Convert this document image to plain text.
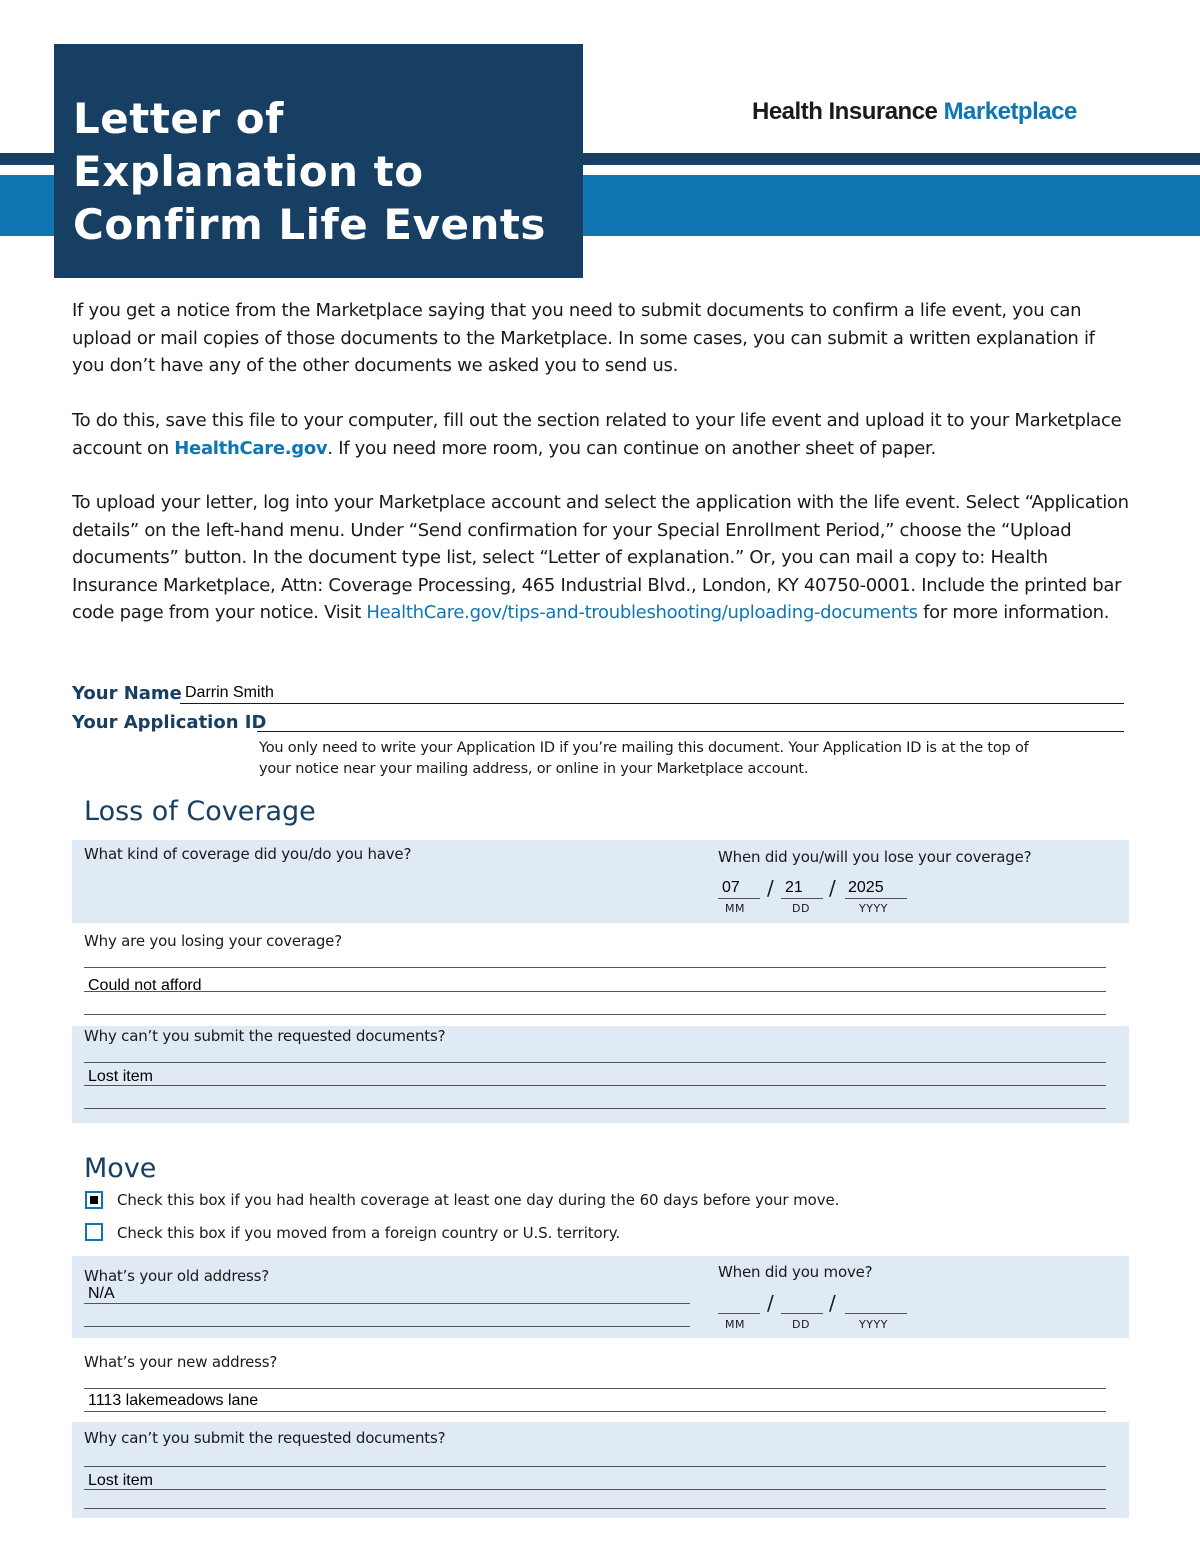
Letter of
Explanation to
Confirm Life Events
Health Insurance Marketplace

If you get a notice from the Marketplace saying that you need to submit documents to confirm a life event, you can upload or mail copies of those documents to the Marketplace. In some cases, you can submit a written explanation if you don’t have any of the other documents we asked you to send us.

To do this, save this file to your computer, fill out the section related to your life event and upload it to your Marketplace account on HealthCare.gov. If you need more room, you can continue on another sheet of paper.

To upload your letter, log into your Marketplace account and select the application with the life event. Select “Application details” on the left-hand menu. Under “Send confirmation for your Special Enrollment Period,” choose the “Upload documents” button. In the document type list, select “Letter of explanation.” Or, you can mail a copy to: Health Insurance Marketplace, Attn: Coverage Processing, 465 Industrial Blvd., London, KY 40750-0001. Include the printed bar code page from your notice. Visit HealthCare.gov/tips-and-troubleshooting/uploading-documents for more information.

Your Name Darrin Smith
Your Application ID
You only need to write your Application ID if you’re mailing this document. Your Application ID is at the top of your notice near your mailing address, or online in your Marketplace account.
Loss of Coverage
What kind of coverage did you/do you have?	When did you/will you lose your coverage?
07 / 21 / 2025
MM	DD	YYYY
Why are you losing your coverage?
Could not afford
Why can’t you submit the requested documents?
Lost item
Move
Check this box if you had health coverage at least one day during the 60 days before your move.
Check this box if you moved from a foreign country or U.S. territory.
What’s your old address?
N/A
When did you move?
/	/
MM	DD	YYYY
What’s your new address?
1113 lakemeadows lane
Why can’t you submit the requested documents?
Lost item
